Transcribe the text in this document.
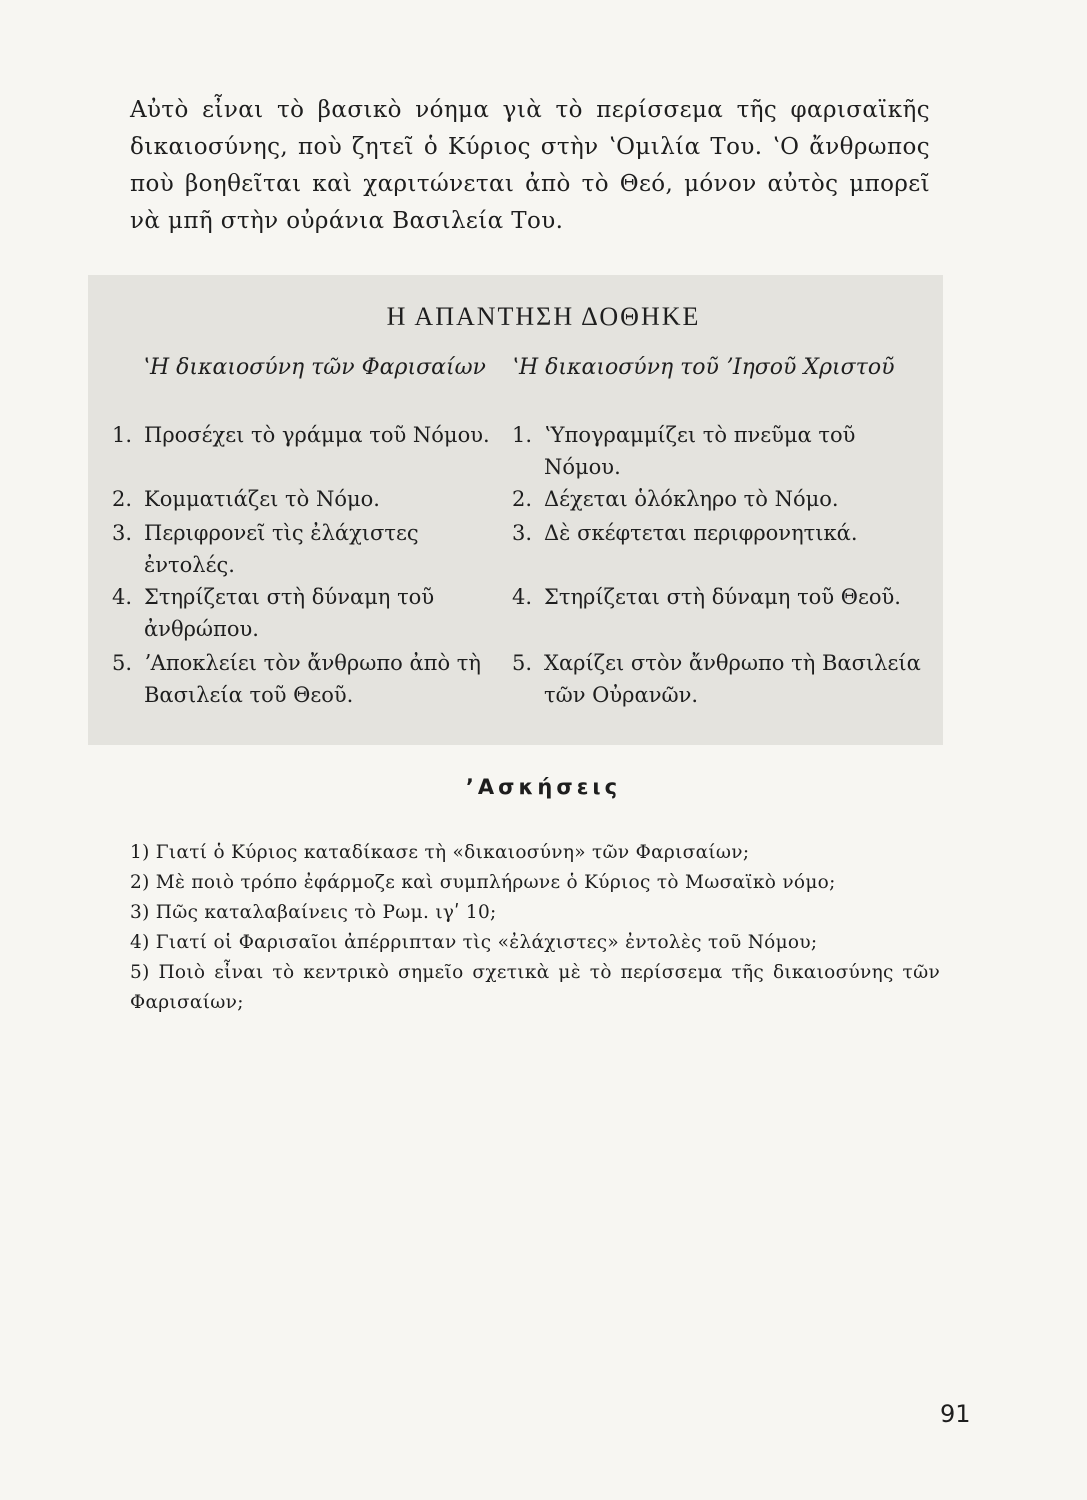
Αὐτὸ εἶναι τὸ βασικὸ νόημα γιὰ τὸ περίσσεμα τῆς φαρισαϊκῆς δικαιοσύνης, ποὺ ζητεῖ ὁ Κύριος στὴν ʽΟμιλία Του. ʽΟ ἄνθρωπος ποὺ βοηθεῖται καὶ χαριτώνεται ἀπὸ τὸ Θεό, μόνον αὐτὸς μπορεῖ νὰ μπῆ στὴν οὐράνια Βασιλεία Του.

Η ΑΠΑΝΤΗΣΗ ΔΟΘΗΚΕ

ʽΗ δικαιοσύνη τῶν Φαρισαίων ʽΗ δικαιοσύνη τοῦ ʼΙησοῦ Χριστοῦ

1. Προσέχει τὸ γράμμα τοῦ Νόμου.
2. Κομματιάζει τὸ Νόμο.
3. Περιφρονεῖ τὶς ἐλάχιστες ἐντολές.
4. Στηρίζεται στὴ δύναμη τοῦ ἀνθρώπου.
5. ʼΑποκλείει τὸν ἄνθρωπο ἀπὸ τὴ Βασιλεία τοῦ Θεοῦ.
1. ʽΥπογραμμίζει τὸ πνεῦμα τοῦ Νόμου.
2. Δέχεται ὁλόκληρο τὸ Νόμο.
3. Δὲ σκέφτεται περιφρονητικά.
4. Στηρίζεται στὴ δύναμη τοῦ Θεοῦ.
5. Χαρίζει στὸν ἄνθρωπο τὴ Βασιλεία τῶν Οὐρανῶν.
ʼΑσκήσεις
1) Γιατί ὁ Κύριος καταδίκασε τὴ «δικαιοσύνη» τῶν Φαρισαίων;
2) Μὲ ποιὸ τρόπο ἐφάρμοζε καὶ συμπλήρωνε ὁ Κύριος τὸ Μωσαϊκὸ νόμο;
3) Πῶς καταλαβαίνεις τὸ Ρωμ. ιγʹ 10;
4) Γιατί οἱ Φαρισαῖοι ἀπέρριπταν τὶς «ἐλάχιστες» ἐντολὲς τοῦ Νόμου;
5) Ποιὸ εἶναι τὸ κεντρικὸ σημεῖο σχετικὰ μὲ τὸ περίσσεμα τῆς δικαιοσύνης τῶν Φαρισαίων;
91
